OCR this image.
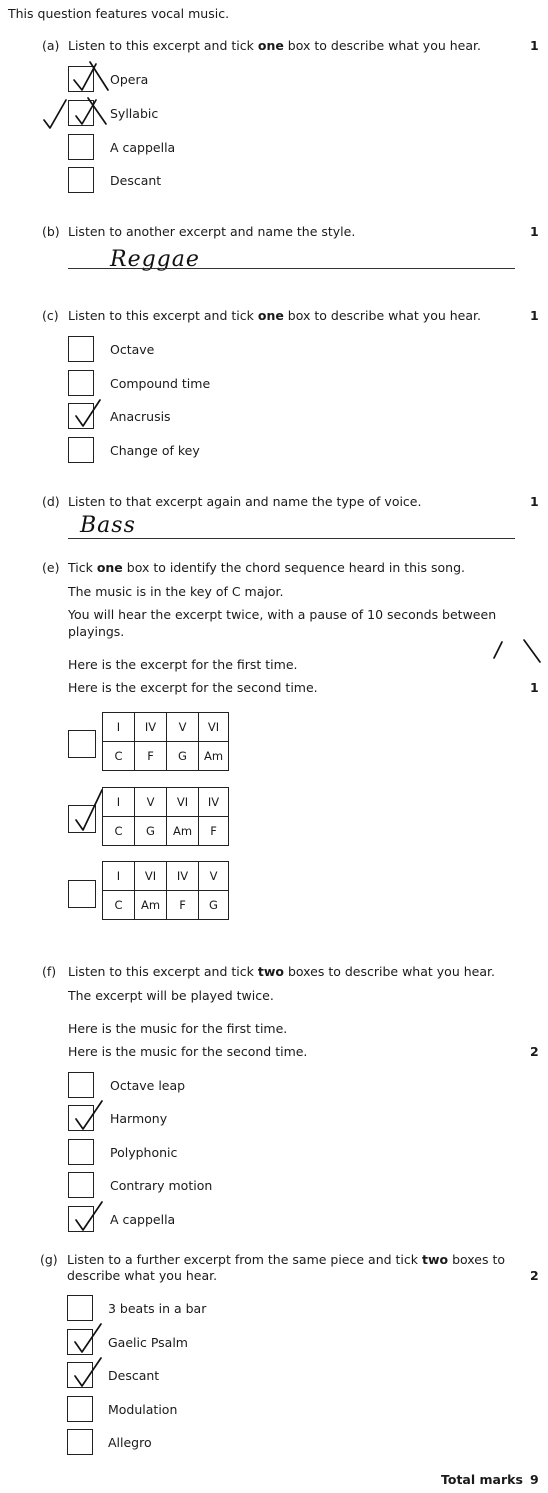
This question features vocal music.
(a) Listen to this excerpt and tick one box to describe what you hear.	1
Opera
Syllabic
A cappella
Descant
(b) Listen to another excerpt and name the style.	1
Reggae
(c) Listen to this excerpt and tick one box to describe what you hear.	1
Octave
Compound time
Anacrusis
Change of key
(d) Listen to that excerpt again and name the type of voice.	1
Bass
(e) Tick one box to identify the chord sequence heard in this song.
The music is in the key of C major.
You will hear the excerpt twice, with a pause of 10 seconds between
playings.
Here is the excerpt for the first time.
Here is the excerpt for the second time.	1
I	IV	V	VI
C	F	G	Am
I	V	VI	IV
C	G	Am	F
I	VI	IV	V
C	Am	F	G
(f) Listen to this excerpt and tick two boxes to describe what you hear.
The excerpt will be played twice.
Here is the music for the first time.
Here is the music for the second time.	2
Octave leap
Harmony
Polyphonic
Contrary motion
A cappella
(g) Listen to a further excerpt from the same piece and tick two boxes to
describe what you hear.	2
3 beats in a bar
Gaelic Psalm
Descant
Modulation
Allegro
Total marks 9
